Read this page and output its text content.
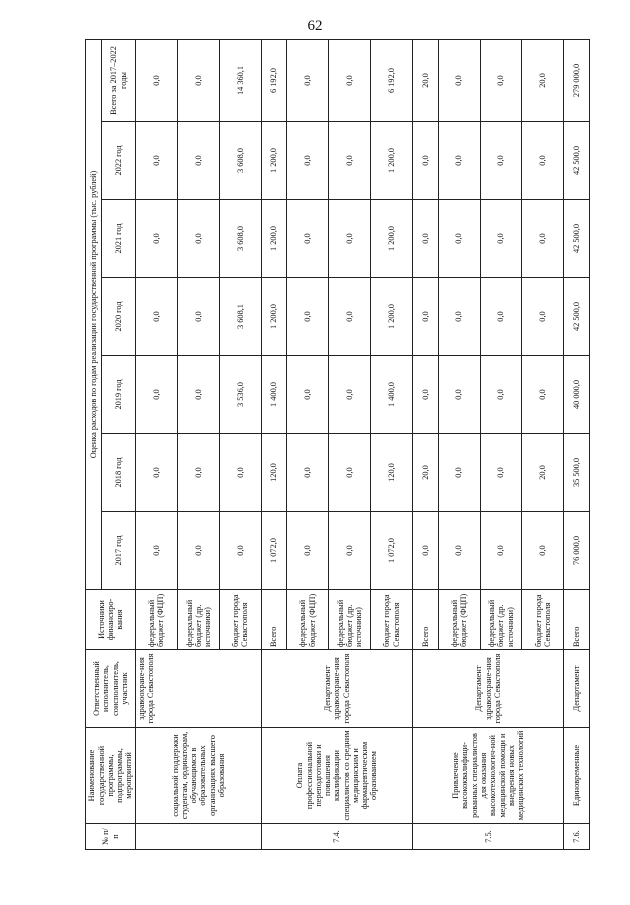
62
№ п/п	Наименование государственной программы, подпрограммы, мероприятий	Ответственный исполнитель, соисполнитель, участник	Источники финансиро-вания	Оценка расходов по годам реализации государственной программы (тыс. рублей)						
				2017 год	2018 год	2019 год	2020 год	2021 год	2022 год	Всего за 2017–2022 годы
	социальной поддержки студентам, ординаторам, обучающимся в образовательных организациях высшего образования	здравоохране-ния города Севастополя	федеральный бюджет (ФЦП)	0,0	0,0	0,0	0,0	0,0	0,0	0,0
			федеральный бюджет (др. источники)	0,0	0,0	0,0	0,0	0,0	0,0	0,0
			бюджет города Севастополя	0,0	0,0	3 536,0	3 608,1	3 608,0	3 608,0	14 360,1
7.4.	Оплата профессиональной переподготовки и повышения квалификации специалистов со средним медицинским и фармацевтическим образованием	Департамент здравоохране-ния города Севастополя	Всего	1 072,0	120,0	1 400,0	1 200,0	1 200,0	1 200,0	6 192,0
			федеральный бюджет (ФЦП)	0,0	0,0	0,0	0,0	0,0	0,0	0,0
			федеральный бюджет (др. источники)	0,0	0,0	0,0	0,0	0,0	0,0	0,0
			бюджет города Севастополя	1 072,0	120,0	1 400,0	1 200,0	1 200,0	1 200,0	6 192,0
7.5.	Привлечение высококвалифици-рованных специалистов для оказания высокотехнологич-ной медицинской помощи и внедрения новых медицинских технологий	Департамент здравоохране-ния города Севастополя	Всего	0,0	20,0	0,0	0,0	0,0	0,0	20,0
			федеральный бюджет (ФЦП)	0,0	0,0	0,0	0,0	0,0	0,0	0,0
			федеральный бюджет (др. источники)	0,0	0,0	0,0	0,0	0,0	0,0	0,0
			бюджет города Севастополя	0,0	20,0	0,0	0,0	0,0	0,0	20,0
7.6.	Единовременные	Департамент	Всего	76 000,0	35 500,0	40 000,0	42 500,0	42 500,0	42 500,0	279 000,0
